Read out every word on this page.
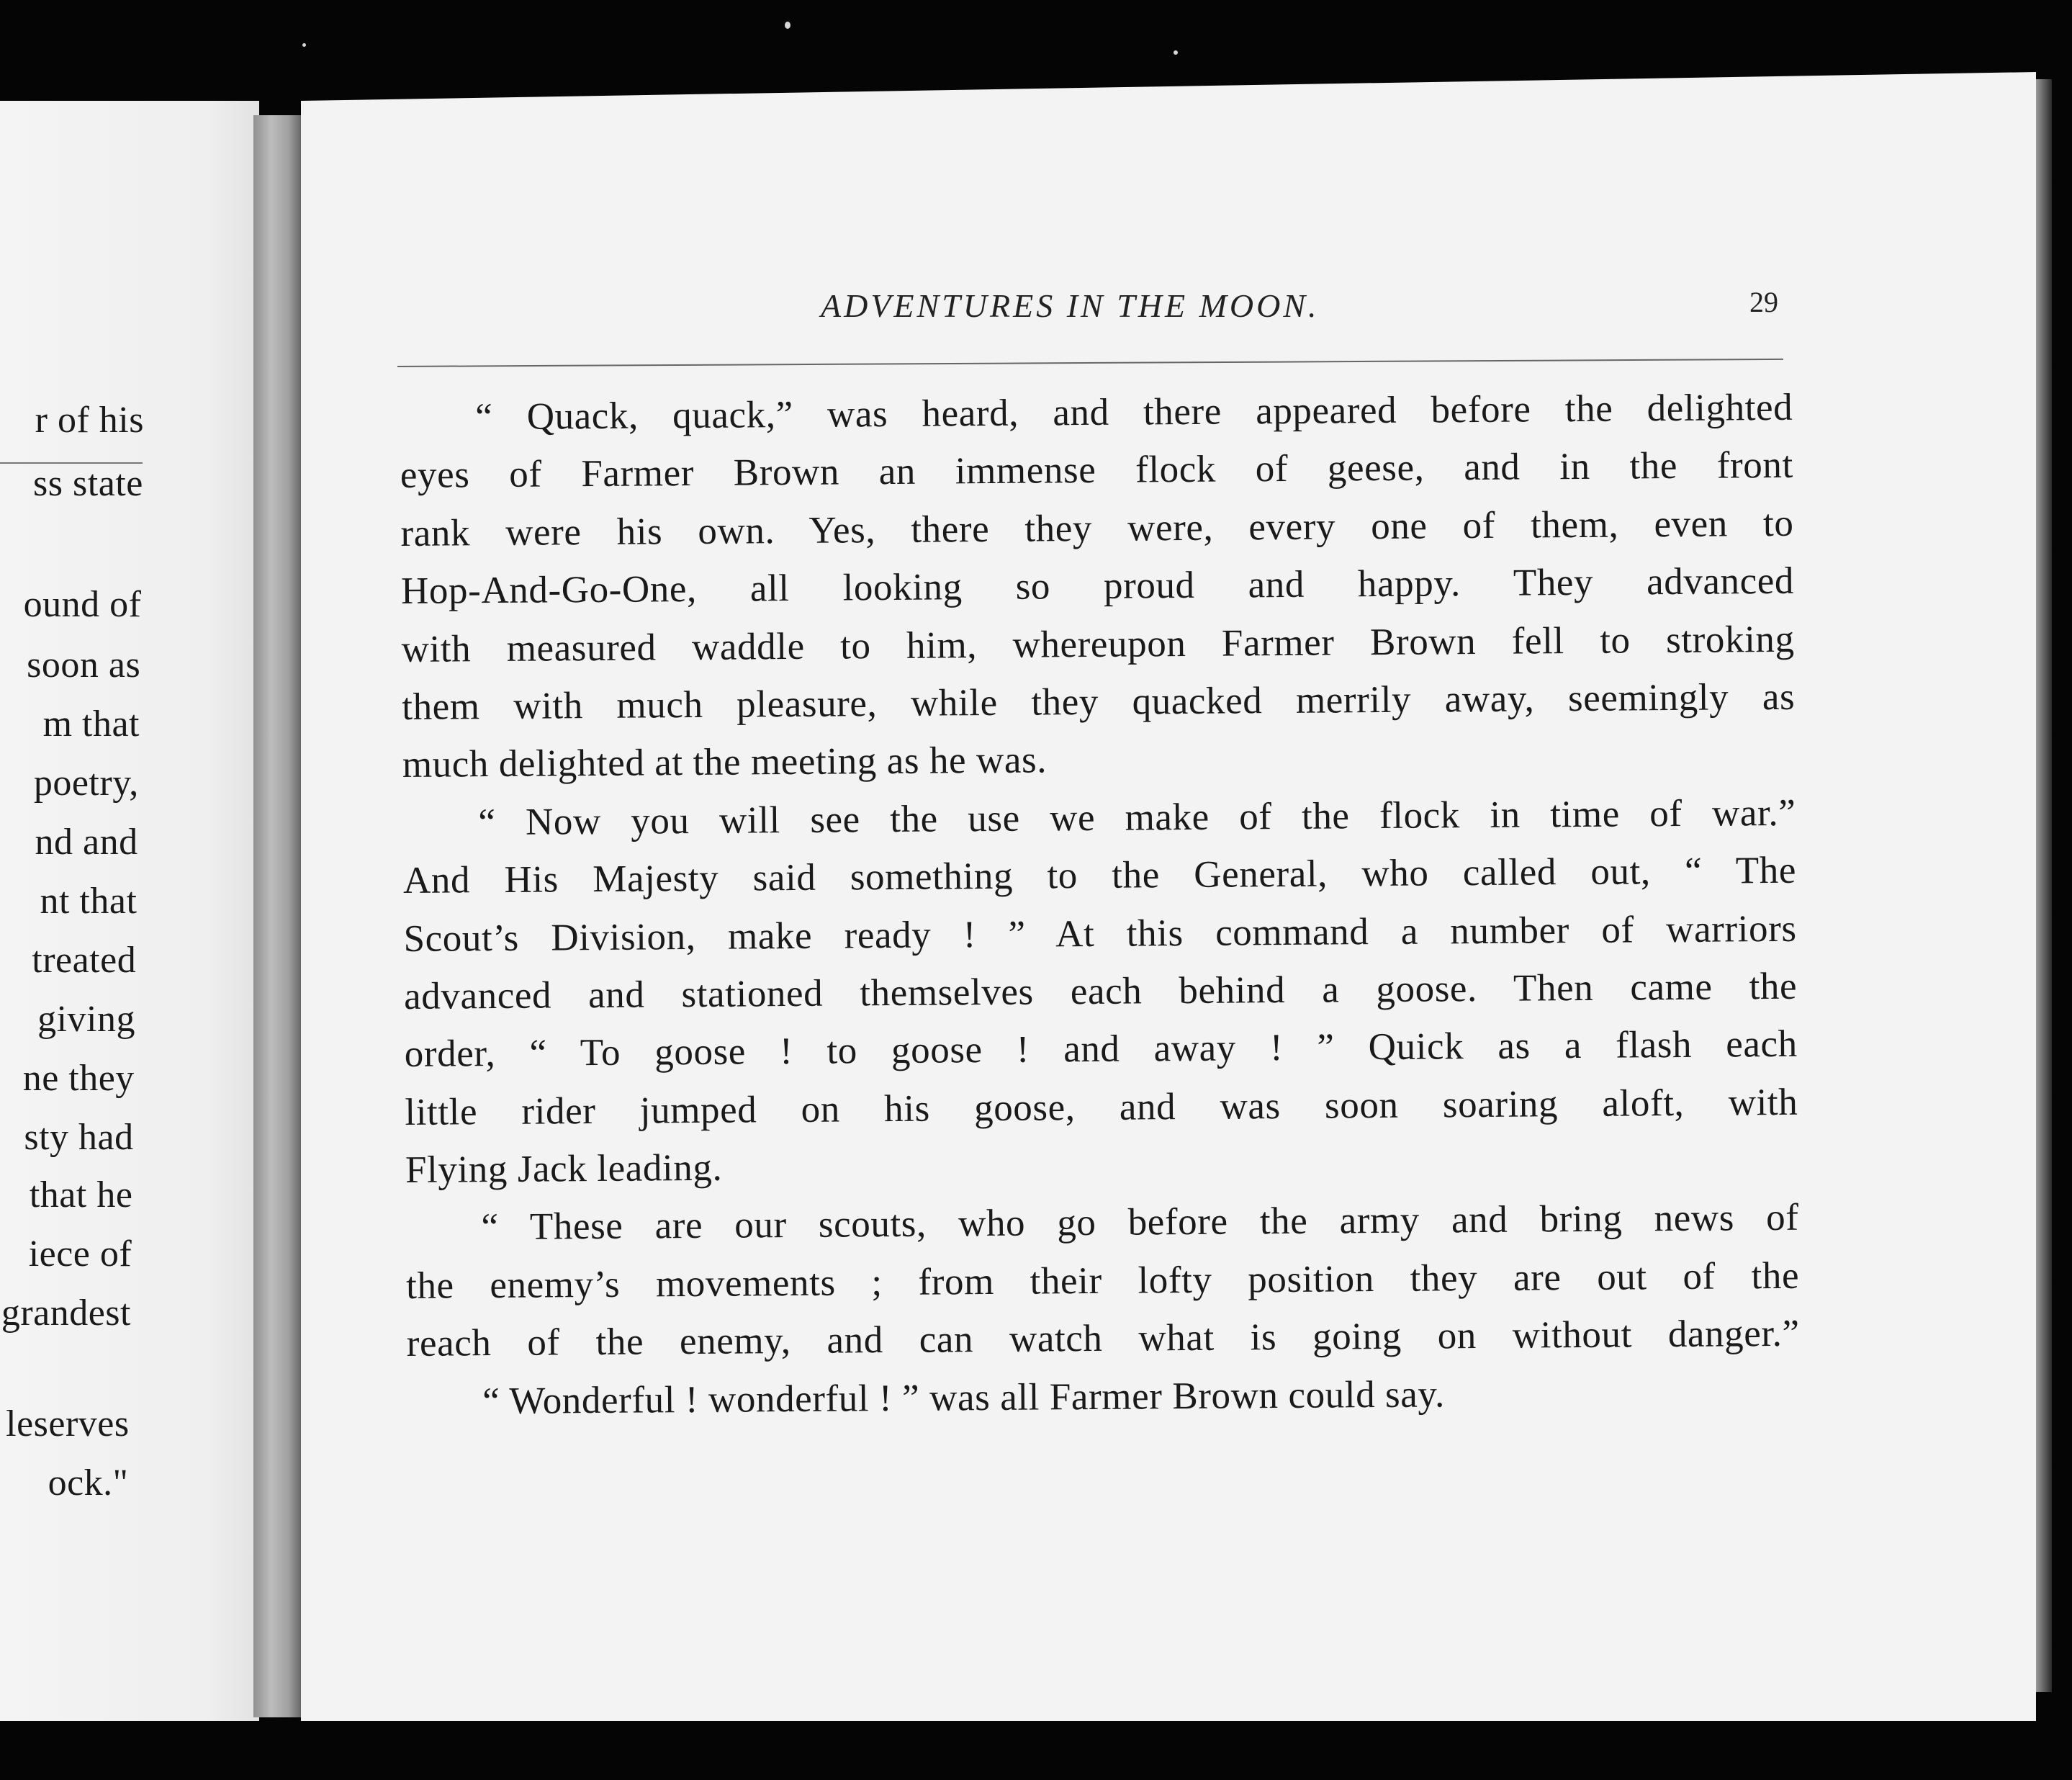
r of his
ss state
ound of
soon as
m that
poetry,
nd and
nt that
treated
giving
ne they
sty had
that he
iece of
grandest
leserves
ock."
ADVENTURES IN THE MOON.	29
“ Quack, quack,” was heard, and there appeared before the delighted
eyes of Farmer Brown an immense flock of geese, and in the front
rank were his own. Yes, there they were, every one of them, even to
Hop-And-Go-One, all looking so proud and happy. They advanced
with measured waddle to him, whereupon Farmer Brown fell to stroking
them with much pleasure, while they quacked merrily away, seemingly as
much delighted at the meeting as he was.
“ Now you will see the use we make of the flock in time of war.”
And His Majesty said something to the General, who called out, “ The
Scout’s Division, make ready ! ” At this command a number of warriors
advanced and stationed themselves each behind a goose. Then came the
order, “ To goose ! to goose ! and away ! ” Quick as a flash each
little rider jumped on his goose, and was soon soaring aloft, with
Flying Jack leading.
“ These are our scouts, who go before the army and bring news of
the enemy’s movements ; from their lofty position they are out of the
reach of the enemy, and can watch what is going on without danger.”
“ Wonderful ! wonderful ! ” was all Farmer Brown could say.
